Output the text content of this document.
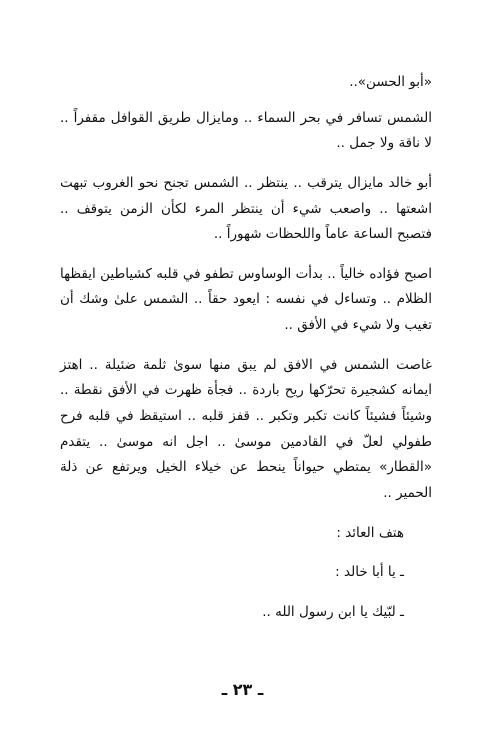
«أبو الحسن»..

الشمس تسافر في بحر السماء .. ومايزال طريق القوافل مقفراً .. لا ناقة ولا جمل ..

أبو خالد مايزال يترقب .. ينتظر .. الشمس تجنح نحو الغروب تبهت اشعتها .. واصعب شيء أن ينتظر المرء لكأن الزمن يتوقف .. فتصبح الساعة عاماً واللحظات شهوراً ..

اصبح فؤاده خالياً .. بدأت الوساوس تطفو في قلبه كشياطين ايقظها الظلام .. وتساءل في نفسه : ايعود حقاً .. الشمس علىٰ وشك أن تغيب ولا شيء في الأفق ..

غاصت الشمس في الافق لم يبق منها سوىٰ ثلمة ضئيلة .. اهتز ايمانه كشجيرة تحرّكها ريح باردة .. فجأة ظهرت في الأفق نقطة .. وشيئاً فشيئاً كانت تكبر وتكبر .. قفز قلبه .. استيقظ في قلبه فرح طفولي لعلّ في القادمين موسىٰ .. اجل انه موسىٰ .. يتقدم «القطار» يمتطي حيواناً ينحط عن خيلاء الخيل ويرتفع عن ذلة الحمير ..

هتف العائد :

ـ يا أبا خالد :

ـ لبّيك يا ابن رسول الله ..

ـ ٢٣ ـ
